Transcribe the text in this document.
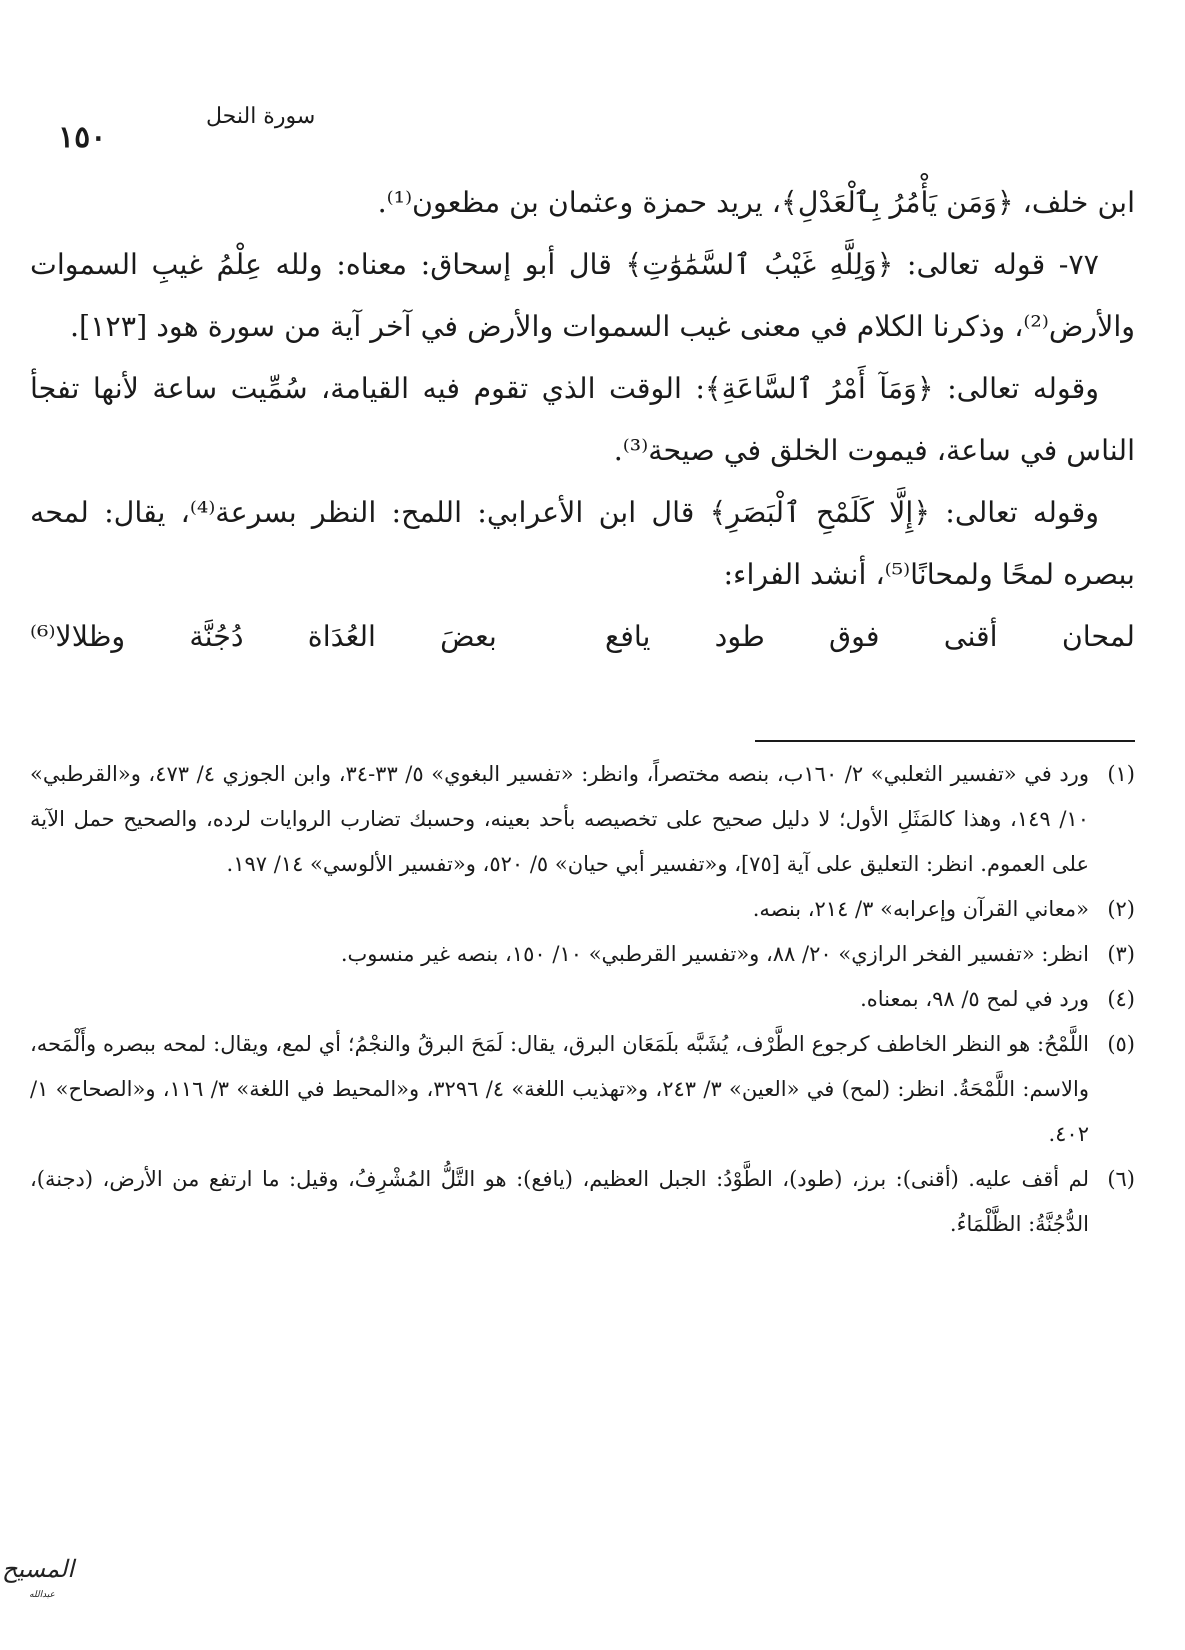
سورة النحل
١٥٠

ابن خلف، ﴿وَمَن يَأْمُرُ بِٱلْعَدْلِ﴾، يريد حمزة وعثمان بن مظعون⁽¹⁾.

٧٧- قوله تعالى: ﴿وَلِلَّهِ غَيْبُ ٱلسَّمَٰوَٰتِ﴾ قال أبو إسحاق: معناه: ولله عِلْمُ غيبِ السموات والأرض⁽²⁾، وذكرنا الكلام في معنى غيب السموات والأرض في آخر آية من سورة هود [١٢٣].

وقوله تعالى: ﴿وَمَآ أَمْرُ ٱلسَّاعَةِ﴾: الوقت الذي تقوم فيه القيامة، سُمِّيت ساعة لأنها تفجأ الناس في ساعة، فيموت الخلق في صيحة⁽³⁾.

وقوله تعالى: ﴿إِلَّا كَلَمْحِ ٱلْبَصَرِ﴾ قال ابن الأعرابي: اللمح: النظر بسرعة⁽⁴⁾، يقال: لمحه ببصره لمحًا ولمحانًا⁽⁵⁾، أنشد الفراء:

لمحان أقنى فوق طود يافع بعضَ العُدَاة دُجُنَّة وظلالا⁽⁶⁾

(١)
ورد في «تفسير الثعلبي» ٢/ ١٦٠ب، بنصه مختصراً، وانظر: «تفسير البغوي» ٥/ ٣٣-٣٤، وابن الجوزي ٤/ ٤٧٣، و«القرطبي» ١٠/ ١٤٩، وهذا كالمَثَلِ الأول؛ لا دليل صحيح على تخصيصه بأحد بعينه، وحسبك تضارب الروايات لرده، والصحيح حمل الآية على العموم. انظر: التعليق على آية [٧٥]، و«تفسير أبي حيان» ٥/ ٥٢٠، و«تفسير الألوسي» ١٤/ ١٩٧.
(٢)
«معاني القرآن وإعرابه» ٣/ ٢١٤، بنصه.
(٣)
انظر: «تفسير الفخر الرازي» ٢٠/ ٨٨، و«تفسير القرطبي» ١٠/ ١٥٠، بنصه غير منسوب.
(٤)
ورد في لمح ٥/ ٩٨، بمعناه.
(٥)
اللَّمْحُ: هو النظر الخاطف كرجوع الطَّرْف، يُشَبَّه بلَمَعَان البرق، يقال: لَمَحَ البرقُ والنجْمُ؛ أي لمع، ويقال: لمحه ببصره وأَلْمَحه، والاسم: اللَّمْحَةُ. انظر: (لمح) في «العين» ٣/ ٢٤٣، و«تهذيب اللغة» ٤/ ٣٢٩٦، و«المحيط في اللغة» ٣/ ١١٦، و«الصحاح» ١/ ٤٠٢.
(٦)
لم أقف عليه. (أقنى): برز، (طود)، الطَّوْدُ: الجبل العظيم، (يافع): هو التَّلُّ المُشْرِفُ، وقيل: ما ارتفع من الأرض، (دجنة)، الدُّجُنَّةُ: الظَّلْمَاءُ.
المسيح
عبدالله
